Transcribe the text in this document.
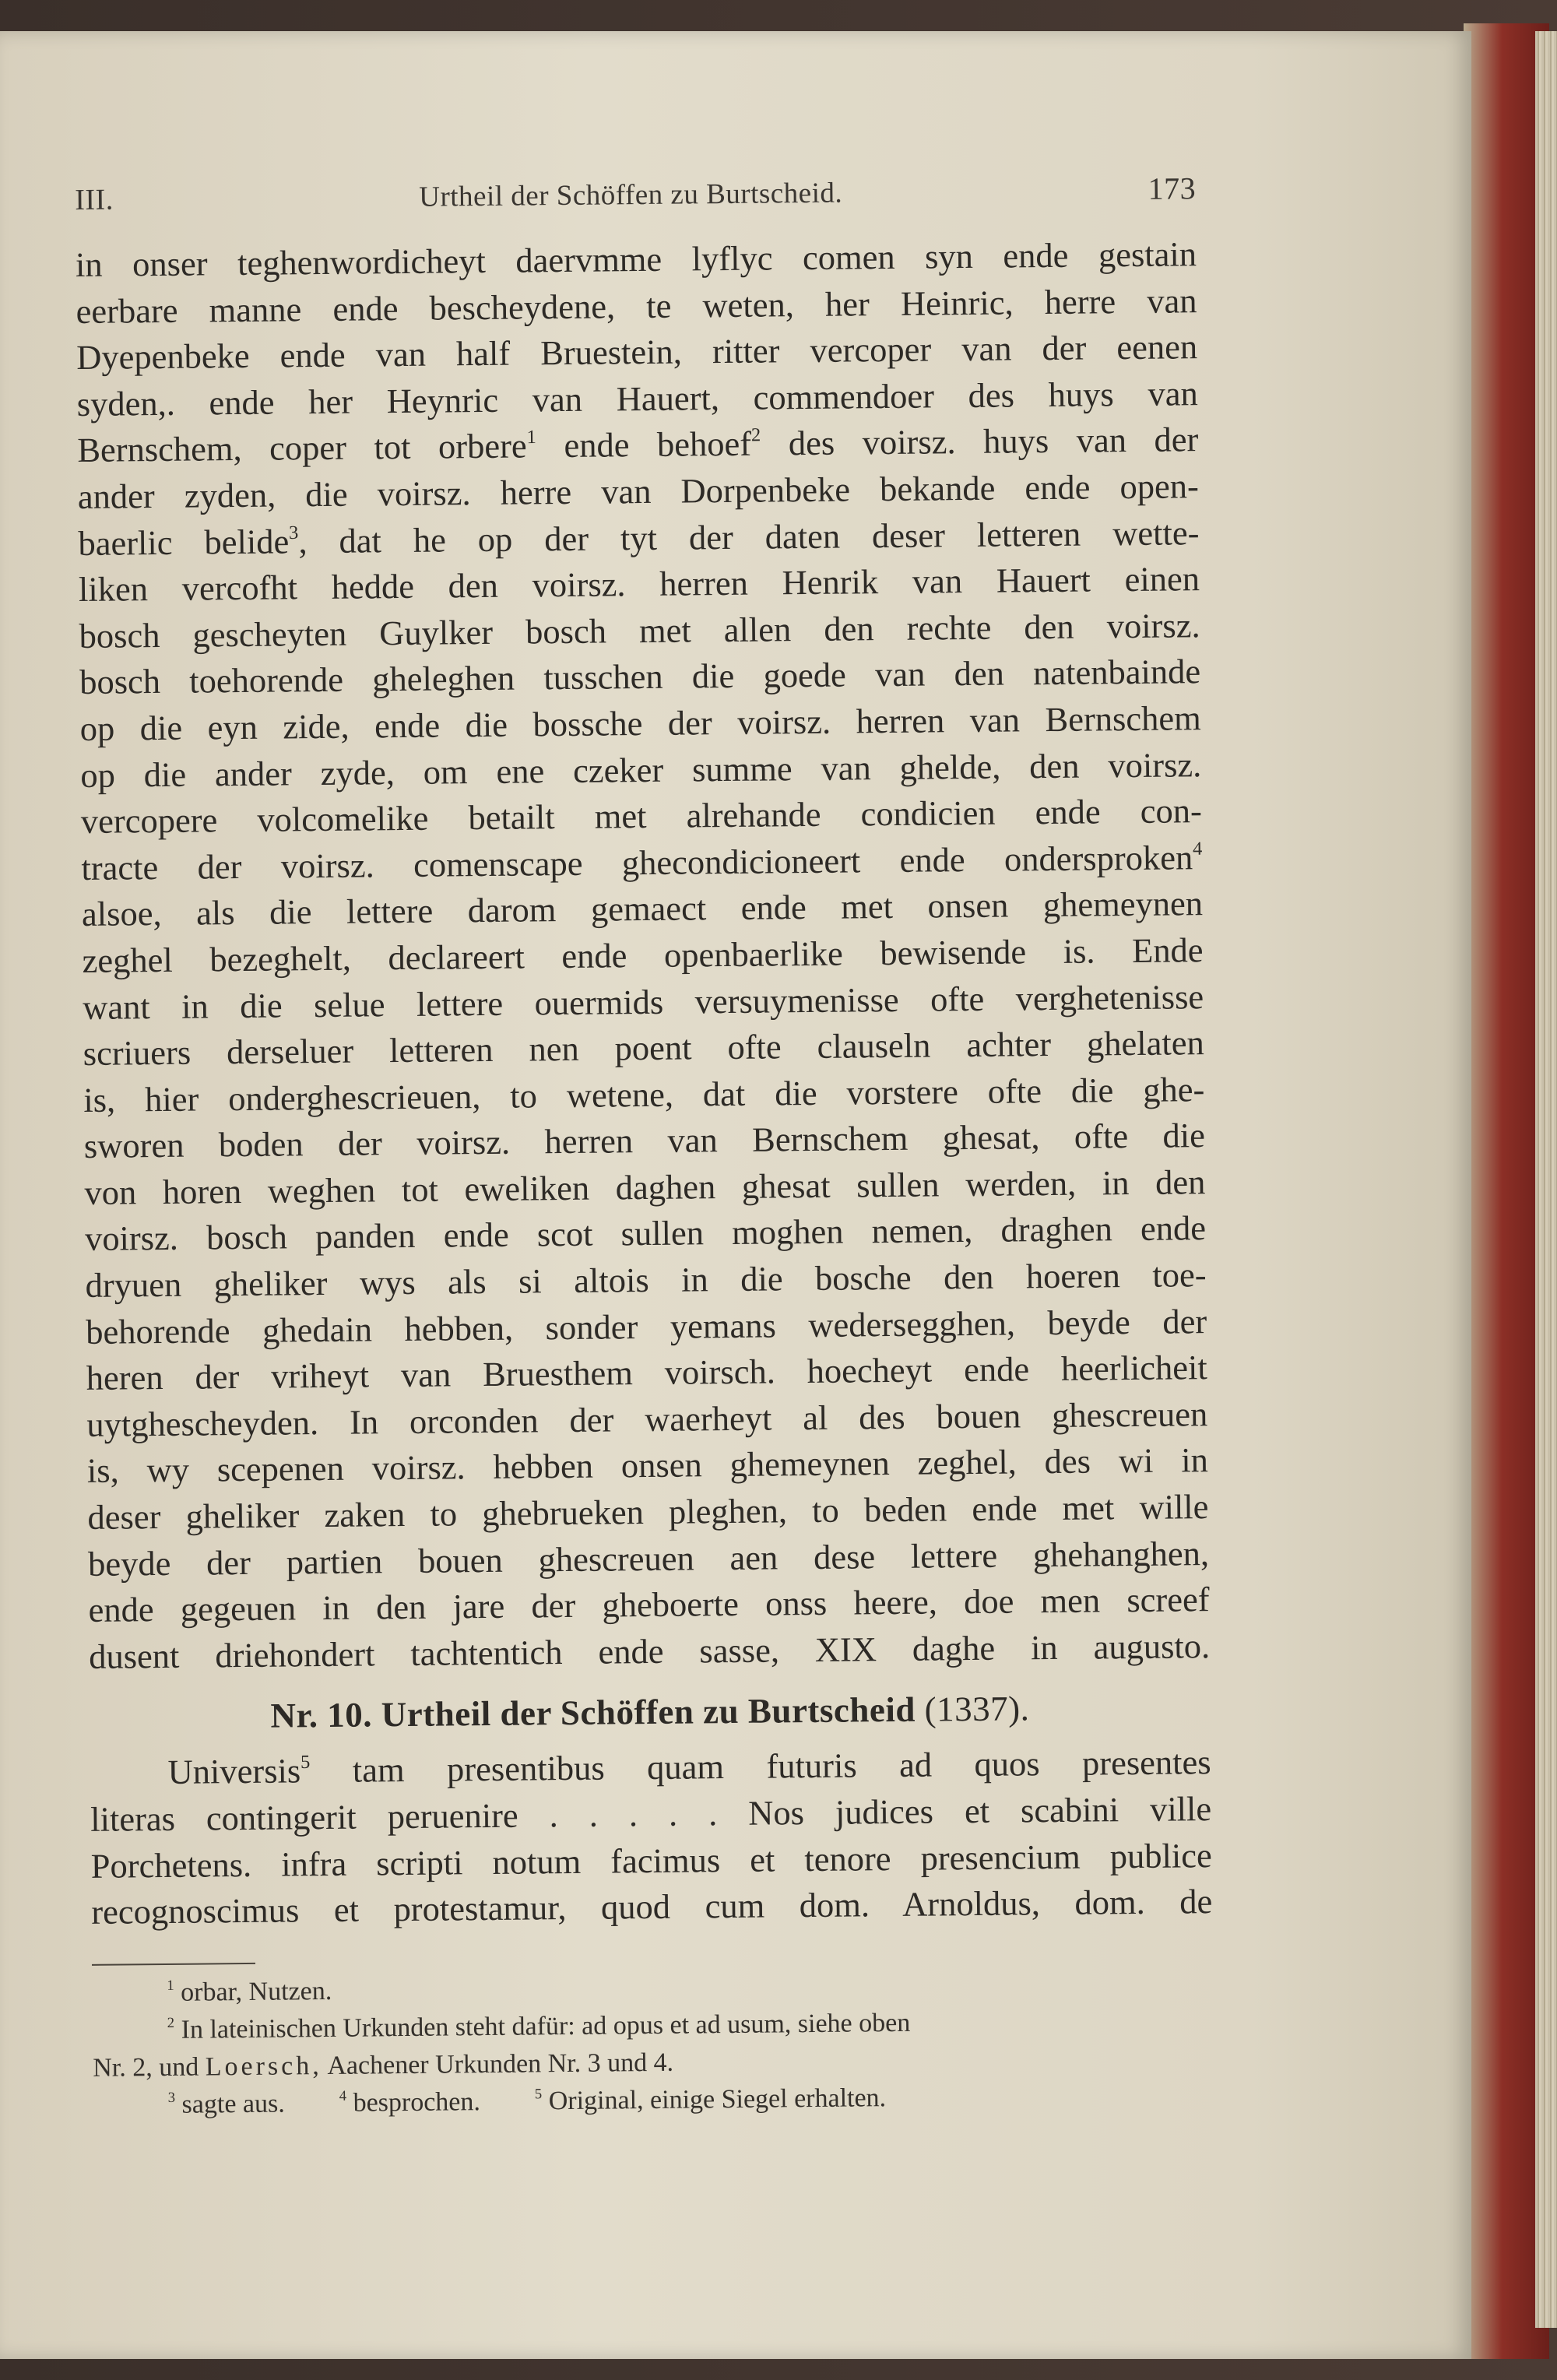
III.	Urtheil der Schöffen zu Burtscheid.	173
in onser teghenwordicheyt daervmme lyflyc comen syn ende gestain
eerbare manne ende bescheydene, te weten, her Heinric, herre van
Dyepenbeke ende van half Bruestein, ritter vercoper van der eenen
syden,. ende her Heynric van Hauert, commendoer des huys van
Bernschem, coper tot orbere$^1$ ende behoef$^2$ des voirsz. huys van der
ander zyden, die voirsz. herre van Dorpenbeke bekande ende open-
baerlic belide$^3$, dat he op der tyt der daten deser letteren wette-
liken vercofht hedde den voirsz. herren Henrik van Hauert einen
bosch gescheyten Guylker bosch met allen den rechte den voirsz.
bosch toehorende gheleghen tusschen die goede van den natenbainde
op die eyn zide, ende die bossche der voirsz. herren van Bernschem
op die ander zyde, om ene czeker summe van ghelde, den voirsz.
vercopere volcomelike betailt met alrehande condicien ende con-
tracte der voirsz. comenscape ghecondicioneert ende ondersproken$^4$
alsoe, als die lettere darom gemaect ende met onsen ghemeynen
zeghel bezeghelt, declareert ende openbaerlike bewisende is. Ende
want in die selue lettere ouermids versuymenisse ofte verghetenisse
scriuers derseluer letteren nen poent ofte clauseln achter ghelaten
is, hier onderghescrieuen, to wetene, dat die vorstere ofte die ghe-
sworen boden der voirsz. herren van Bernschem ghesat, ofte die
von horen weghen tot eweliken daghen ghesat sullen werden, in den
voirsz. bosch panden ende scot sullen moghen nemen, draghen ende
dryuen gheliker wys als si altois in die bosche den hoeren toe-
behorende ghedain hebben, sonder yemans wedersegghen, beyde der
heren der vriheyt van Bruesthem voirsch. hoecheyt ende heerlicheit
uytghescheyden. In orconden der waerheyt al des bouen ghescreuen
is, wy scepenen voirsz. hebben onsen ghemeynen zeghel, des wi in
deser gheliker zaken to ghebrueken pleghen, to beden ende met wille
beyde der partien bouen ghescreuen aen dese lettere ghehanghen,
ende gegeuen in den jare der gheboerte onss heere, doe men screef
dusent driehondert tachtentich ende sasse, XIX daghe in augusto.
Nr. 10. Urtheil der Schöffen zu Burtscheid (1337).
Universis$^5$ tam presentibus quam futuris ad quos presentes
literas contingerit peruenire . . . . . Nos judices et scabini ville
Porchetens. infra scripti notum facimus et tenore presencium publice
recognoscimus et protestamur, quod cum dom. Arnoldus, dom. de
$^1$ orbar, Nutzen.
$^2$ In lateinischen Urkunden steht dafür: ad opus et ad usum, siehe oben
Nr. 2, und Loersch, Aachener Urkunden Nr. 3 und 4.
$^3$ sagte aus.	$^4$ besprochen.	$^5$ Original, einige Siegel erhalten.
